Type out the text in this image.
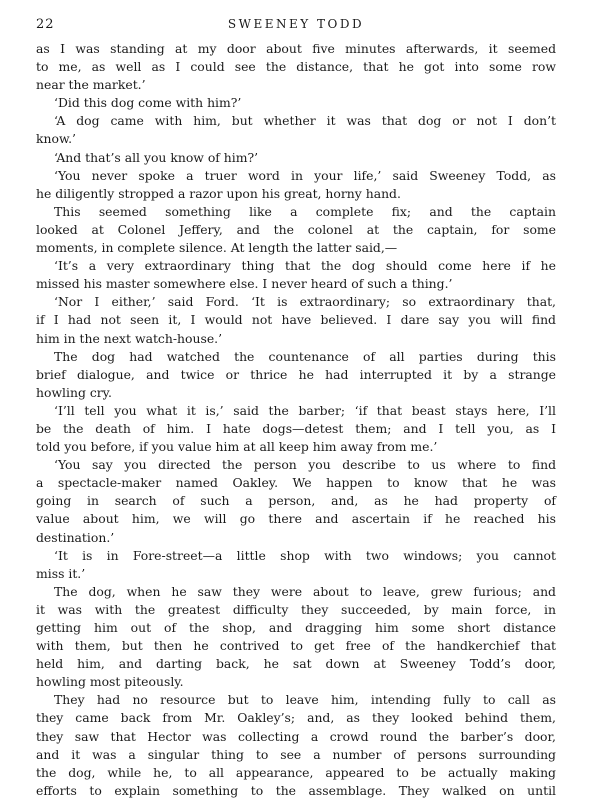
22	SWEENEY TODD
as I was standing at my door about five minutes afterwards, it seemed
to me, as well as I could see the distance, that he got into some row
near the market.’
‘Did this dog come with him?’
‘A dog came with him, but whether it was that dog or not I don’t
know.’
‘And that’s all you know of him?’
‘You never spoke a truer word in your life,’ said Sweeney Todd, as
he diligently stropped a razor upon his great, horny hand.
This seemed something like a complete fix; and the captain
looked at Colonel Jeffery, and the colonel at the captain, for some
moments, in complete silence. At length the latter said,—
‘It’s a very extraordinary thing that the dog should come here if he
missed his master somewhere else. I never heard of such a thing.’
‘Nor I either,’ said Ford. ‘It is extraordinary; so extraordinary that,
if I had not seen it, I would not have believed. I dare say you will find
him in the next watch-house.’
The dog had watched the countenance of all parties during this
brief dialogue, and twice or thrice he had interrupted it by a strange
howling cry.
‘I’ll tell you what it is,’ said the barber; ‘if that beast stays here, I’ll
be the death of him. I hate dogs—detest them; and I tell you, as I
told you before, if you value him at all keep him away from me.’
‘You say you directed the person you describe to us where to find
a spectacle-maker named Oakley. We happen to know that he was
going in search of such a person, and, as he had property of
value about him, we will go there and ascertain if he reached his
destination.’
‘It is in Fore-street—a little shop with two windows; you cannot
miss it.’
The dog, when he saw they were about to leave, grew furious; and
it was with the greatest difficulty they succeeded, by main force, in
getting him out of the shop, and dragging him some short distance
with them, but then he contrived to get free of the handkerchief that
held him, and darting back, he sat down at Sweeney Todd’s door,
howling most piteously.
They had no resource but to leave him, intending fully to call as
they came back from Mr. Oakley’s; and, as they looked behind them,
they saw that Hector was collecting a crowd round the barber’s door,
and it was a singular thing to see a number of persons surrounding
the dog, while he, to all appearance, appeared to be actually making
efforts to explain something to the assemblage. They walked on until
